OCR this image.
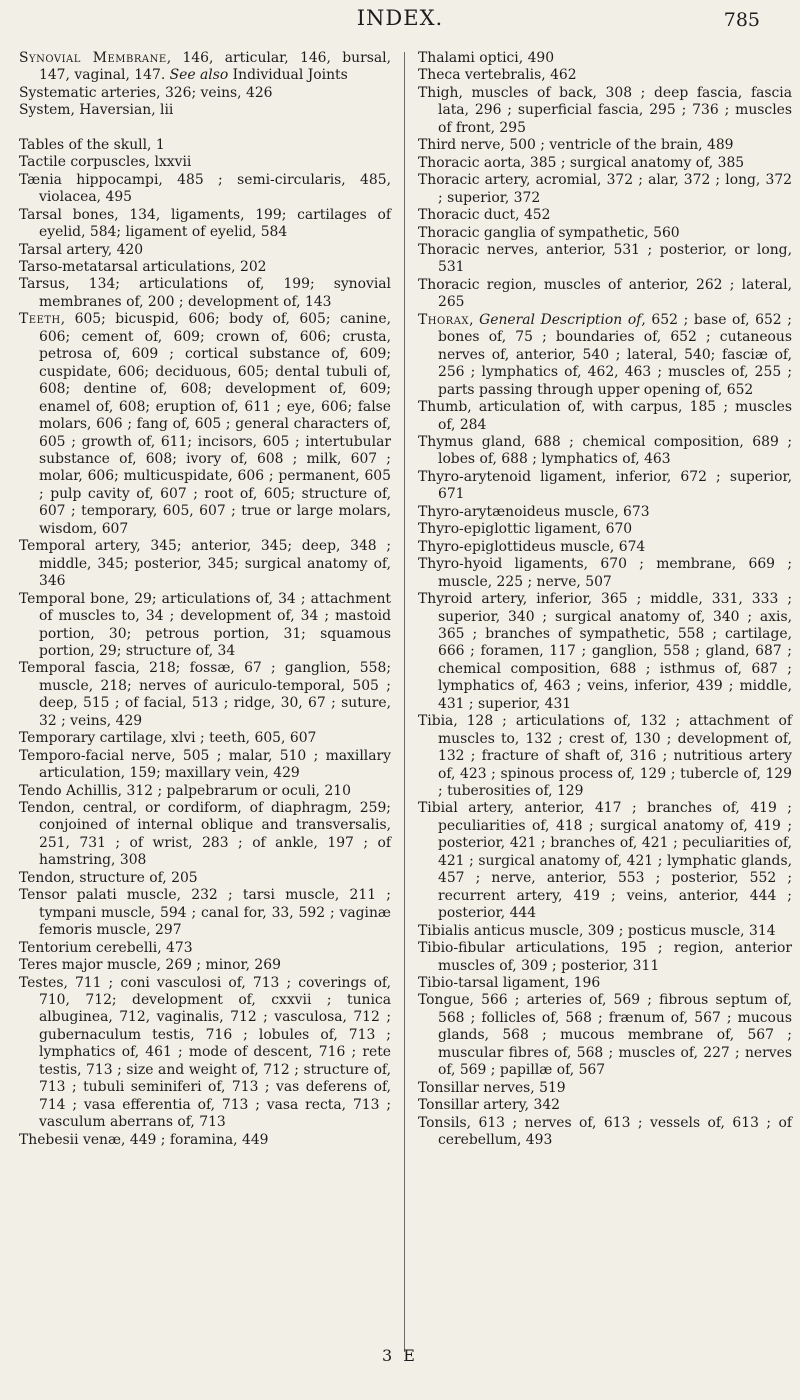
INDEX.	785

Synovial Membrane, 146, articular, 146, bursal, 147, vaginal, 147. See also Individual Joints

Systematic arteries, 326; veins, 426

System, Haversian, lii

Tables of the skull, 1

Tactile corpuscles, lxxvii

Tænia hippocampi, 485 ; semi-circularis, 485, violacea, 495

Tarsal bones, 134, ligaments, 199; cartilages of eyelid, 584; ligament of eyelid, 584

Tarsal artery, 420

Tarso-metatarsal articulations, 202

Tarsus, 134; articulations of, 199; synovial membranes of, 200 ; development of, 143

Teeth, 605; bicuspid, 606; body of, 605; canine, 606; cement of, 609; crown of, 606; crusta, petrosa of, 609 ; cortical substance of, 609; cuspidate, 606; deciduous, 605; dental tubuli of, 608; dentine of, 608; development of, 609; enamel of, 608; eruption of, 611 ; eye, 606; false molars, 606 ; fang of, 605 ; general characters of, 605 ; growth of, 611; incisors, 605 ; intertubular substance of, 608; ivory of, 608 ; milk, 607 ; molar, 606; multicuspidate, 606 ; permanent, 605 ; pulp cavity of, 607 ; root of, 605; structure of, 607 ; temporary, 605, 607 ; true or large molars, wisdom, 607

Temporal artery, 345; anterior, 345; deep, 348 ; middle, 345; posterior, 345; surgical anatomy of, 346

Temporal bone, 29; articulations of, 34 ; attachment of muscles to, 34 ; development of, 34 ; mastoid portion, 30; petrous portion, 31; squamous portion, 29; structure of, 34

Temporal fascia, 218; fossæ, 67 ; ganglion, 558; muscle, 218; nerves of auriculo-temporal, 505 ; deep, 515 ; of facial, 513 ; ridge, 30, 67 ; suture, 32 ; veins, 429

Temporary cartilage, xlvi ; teeth, 605, 607

Temporo-facial nerve, 505 ; malar, 510 ; maxillary articulation, 159; maxillary vein, 429

Tendo Achillis, 312 ; palpebrarum or oculi, 210

Tendon, central, or cordiform, of diaphragm, 259; conjoined of internal oblique and transversalis, 251, 731 ; of wrist, 283 ; of ankle, 197 ; of hamstring, 308

Tendon, structure of, 205

Tensor palati muscle, 232 ; tarsi muscle, 211 ; tympani muscle, 594 ; canal for, 33, 592 ; vaginæ femoris muscle, 297

Tentorium cerebelli, 473

Teres major muscle, 269 ; minor, 269

Testes, 711 ; coni vasculosi of, 713 ; coverings of, 710, 712; development of, cxxvii ; tunica albuginea, 712, vaginalis, 712 ; vasculosa, 712 ; gubernaculum testis, 716 ; lobules of, 713 ; lymphatics of, 461 ; mode of descent, 716 ; rete testis, 713 ; size and weight of, 712 ; structure of, 713 ; tubuli seminiferi of, 713 ; vas deferens of, 714 ; vasa efferentia of, 713 ; vasa recta, 713 ; vasculum aberrans of, 713

Thebesii venæ, 449 ; foramina, 449

Thalami optici, 490

Theca vertebralis, 462

Thigh, muscles of back, 308 ; deep fascia, fascia lata, 296 ; superficial fascia, 295 ; 736 ; muscles of front, 295

Third nerve, 500 ; ventricle of the brain, 489

Thoracic aorta, 385 ; surgical anatomy of, 385

Thoracic artery, acromial, 372 ; alar, 372 ; long, 372 ; superior, 372

Thoracic duct, 452

Thoracic ganglia of sympathetic, 560

Thoracic nerves, anterior, 531 ; posterior, or long, 531

Thoracic region, muscles of anterior, 262 ; lateral, 265

Thorax, General Description of, 652 ; base of, 652 ; bones of, 75 ; boundaries of, 652 ; cutaneous nerves of, anterior, 540 ; lateral, 540; fasciæ of, 256 ; lymphatics of, 462, 463 ; muscles of, 255 ; parts passing through upper opening of, 652

Thumb, articulation of, with carpus, 185 ; muscles of, 284

Thymus gland, 688 ; chemical composition, 689 ; lobes of, 688 ; lymphatics of, 463

Thyro-arytenoid ligament, inferior, 672 ; superior, 671

Thyro-arytænoideus muscle, 673

Thyro-epiglottic ligament, 670

Thyro-epiglottideus muscle, 674

Thyro-hyoid ligaments, 670 ; membrane, 669 ; muscle, 225 ; nerve, 507

Thyroid artery, inferior, 365 ; middle, 331, 333 ; superior, 340 ; surgical anatomy of, 340 ; axis, 365 ; branches of sympathetic, 558 ; cartilage, 666 ; foramen, 117 ; ganglion, 558 ; gland, 687 ; chemical composition, 688 ; isthmus of, 687 ; lymphatics of, 463 ; veins, inferior, 439 ; middle, 431 ; superior, 431

Tibia, 128 ; articulations of, 132 ; attachment of muscles to, 132 ; crest of, 130 ; development of, 132 ; fracture of shaft of, 316 ; nutritious artery of, 423 ; spinous process of, 129 ; tubercle of, 129 ; tuberosities of, 129

Tibial artery, anterior, 417 ; branches of, 419 ; peculiarities of, 418 ; surgical anatomy of, 419 ; posterior, 421 ; branches of, 421 ; peculiarities of, 421 ; surgical anatomy of, 421 ; lymphatic glands, 457 ; nerve, anterior, 553 ; posterior, 552 ; recurrent artery, 419 ; veins, anterior, 444 ; posterior, 444

Tibialis anticus muscle, 309 ; posticus muscle, 314

Tibio-fibular articulations, 195 ; region, anterior muscles of, 309 ; posterior, 311

Tibio-tarsal ligament, 196

Tongue, 566 ; arteries of, 569 ; fibrous septum of, 568 ; follicles of, 568 ; frænum of, 567 ; mucous glands, 568 ; mucous membrane of, 567 ; muscular fibres of, 568 ; muscles of, 227 ; nerves of, 569 ; papillæ of, 567

Tonsillar nerves, 519

Tonsillar artery, 342

Tonsils, 613 ; nerves of, 613 ; vessels of, 613 ; of cerebellum, 493

3 E
